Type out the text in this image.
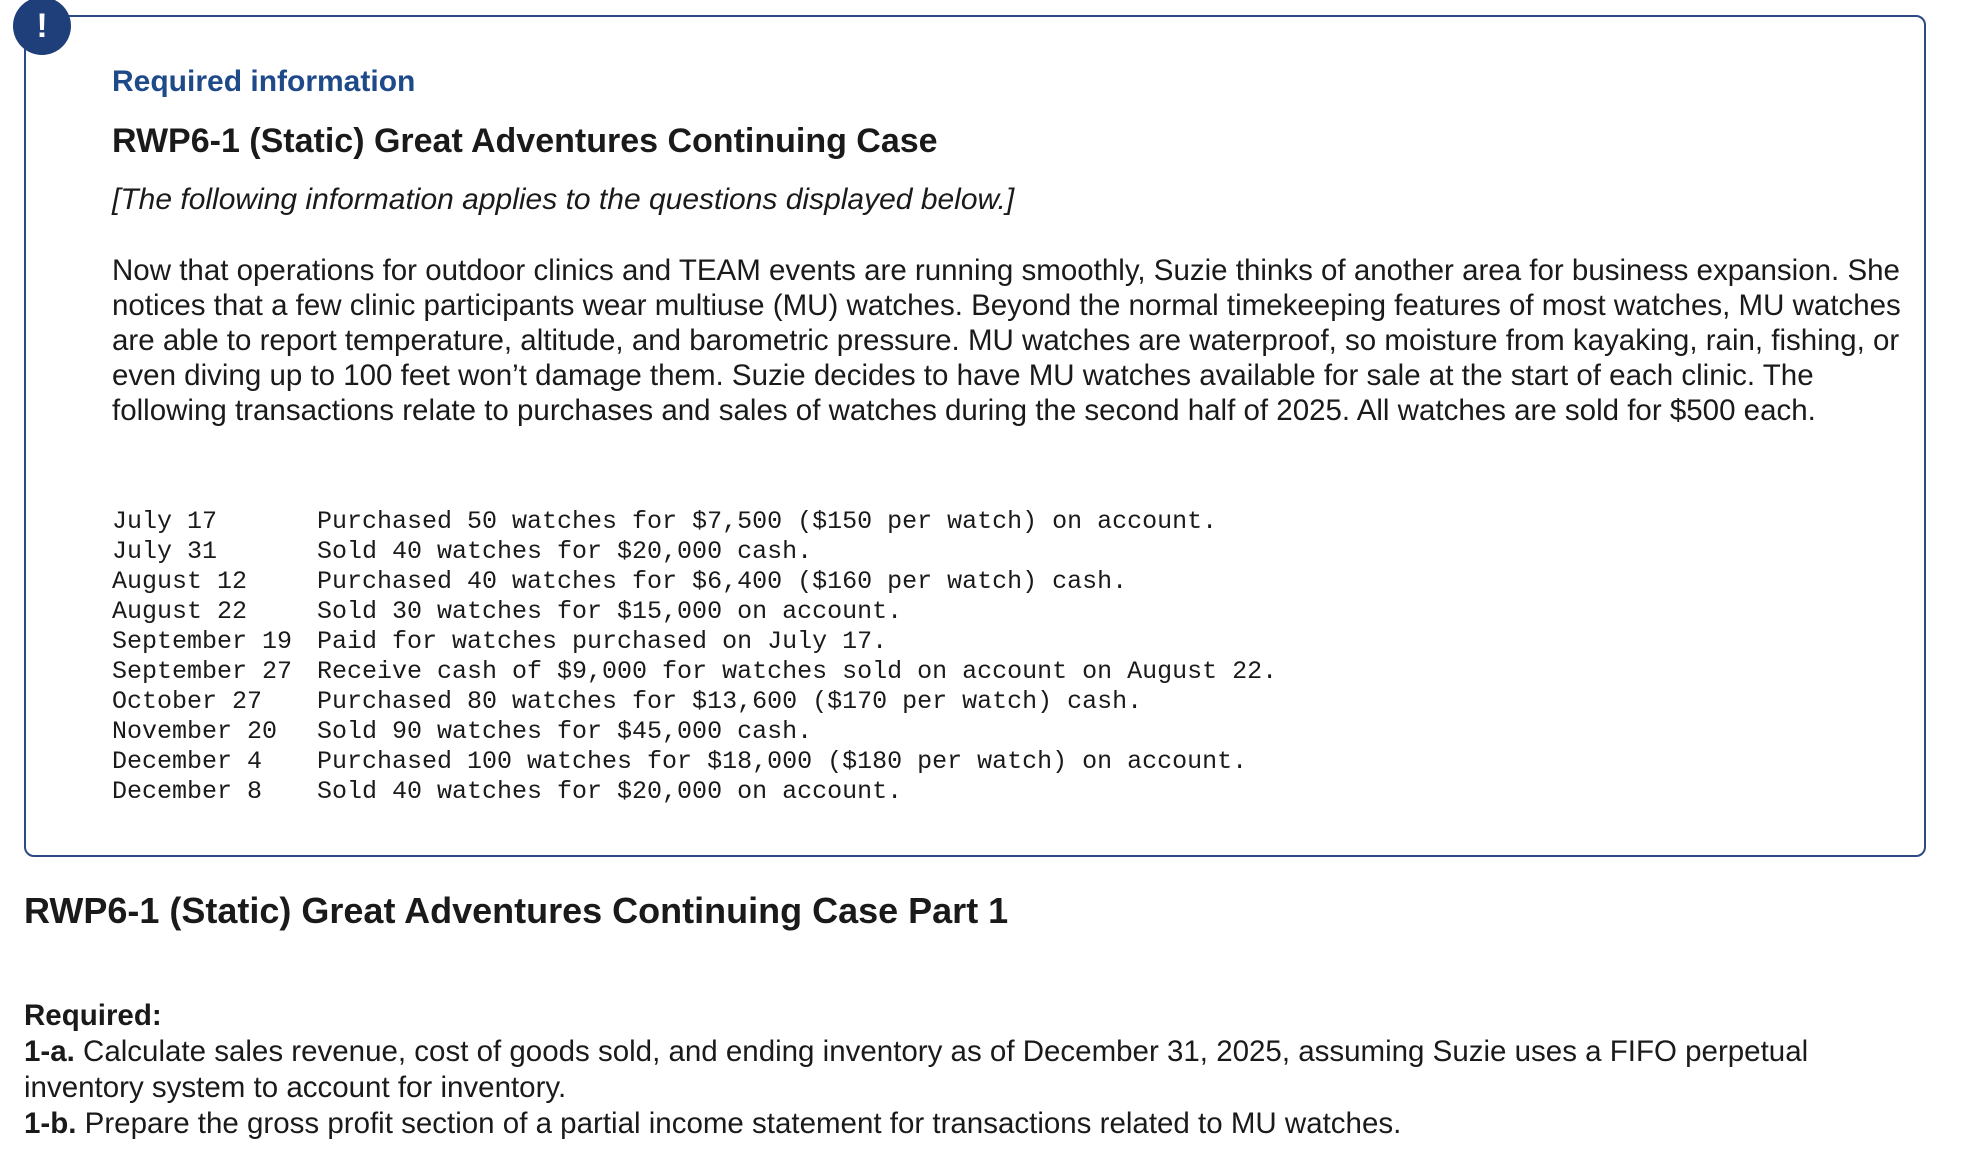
!
Required information
RWP6-1 (Static) Great Adventures Continuing Case
[The following information applies to the questions displayed below.]

Now that operations for outdoor clinics and TEAM events are running smoothly, Suzie thinks of another area for business expansion. She notices that a few clinic participants wear multiuse (MU) watches. Beyond the normal timekeeping features of most watches, MU watches are able to report temperature, altitude, and barometric pressure. MU watches are waterproof, so moisture from kayaking, rain, fishing, or even diving up to 100 feet won’t damage them. Suzie decides to have MU watches available for sale at the start of each clinic. The following transactions relate to purchases and sales of watches during the second half of 2025. All watches are sold for $500 each.

July 17	Purchased 50 watches for $7,500 ($150 per watch) on account.
July 31	Sold 40 watches for $20,000 cash.
August 12	Purchased 40 watches for $6,400 ($160 per watch) cash.
August 22	Sold 30 watches for $15,000 on account.
September 19	Paid for watches purchased on July 17.
September 27	Receive cash of $9,000 for watches sold on account on August 22.
October 27	Purchased 80 watches for $13,600 ($170 per watch) cash.
November 20	Sold 90 watches for $45,000 cash.
December 4	Purchased 100 watches for $18,000 ($180 per watch) on account.
December 8	Sold 40 watches for $20,000 on account.
RWP6-1 (Static) Great Adventures Continuing Case Part 1
Required:
1-a. Calculate sales revenue, cost of goods sold, and ending inventory as of December 31, 2025, assuming Suzie uses a FIFO perpetual inventory system to account for inventory.
1-b. Prepare the gross profit section of a partial income statement for transactions related to MU watches.
